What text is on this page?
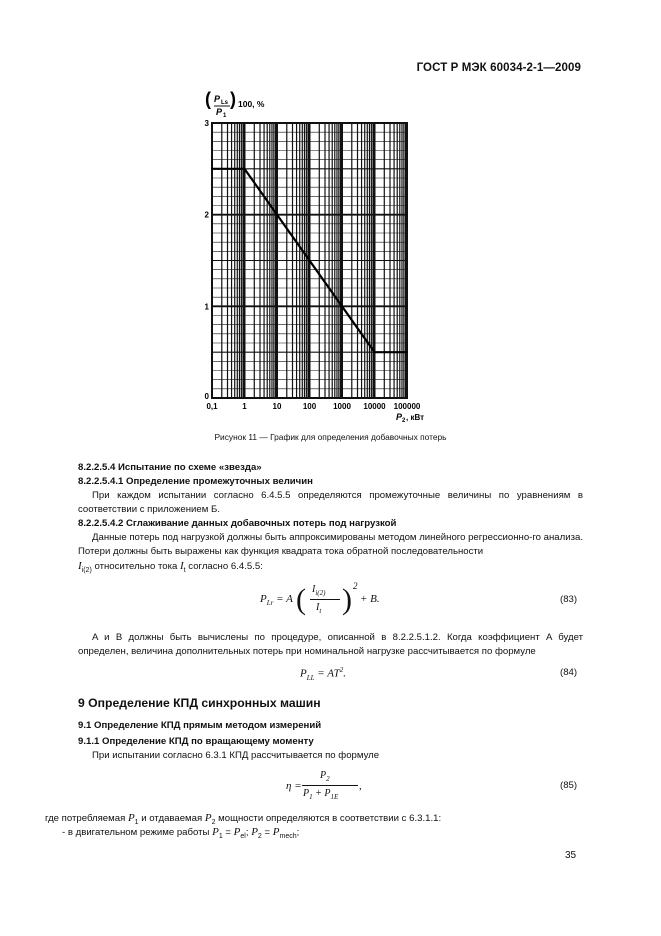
ГОСТ Р МЭК 60034-2-1—2009
0,1	1	10	100 1000 10000 100000
0
1
2
3
( P Ls
P 1
) 100, %
P 2 , кВт
Рисунок 11 — График для определения добавочных потерь
8.2.2.5.4 Испытание по схеме «звезда»
8.2.2.5.4.1 Определение промежуточных величин
При каждом испытании согласно 6.4.5.5 определяются промежуточные величины по уравнениям в соответствии с приложением Б.
8.2.2.5.4.2 Сглаживание данных добавочных потерь под нагрузкой
Данные потерь под нагрузкой должны быть аппроксимированы методом линейного регрессионно-го анализа. Потери должны быть выражены как функция квадрата тока обратной последовательности
$I_{i(2)}$ относительно тока $I_t$ согласно 6.4.5.5:
$P_{Lr} = A$ ( $I_{i(2)}$
$I_t$ ) 2
+ B.	(83)
A и B должны быть вычислены по процедуре, описанной в 8.2.2.5.1.2. Когда коэффициент A будет определен, величина дополнительных потерь при номинальной нагрузке рассчитывается по формуле
$P_{LL} = AT^2$.	(84)
9 Определение КПД синхронных машин
9.1 Определение КПД прямым методом измерений
9.1.1 Определение КПД по вращающему моменту
При испытании согласно 6.3.1 КПД рассчитывается по формуле
η =
$P_2$
$P_1 + P_{1E}$
,	(85)
где потребляемая $P_1$ и отдаваемая $P_2$ мощности определяются в соответствии с 6.3.1.1:
- в двигательном режиме работы $P_1 = P_{el}$; $P_2 = P_{mech}$;
35
